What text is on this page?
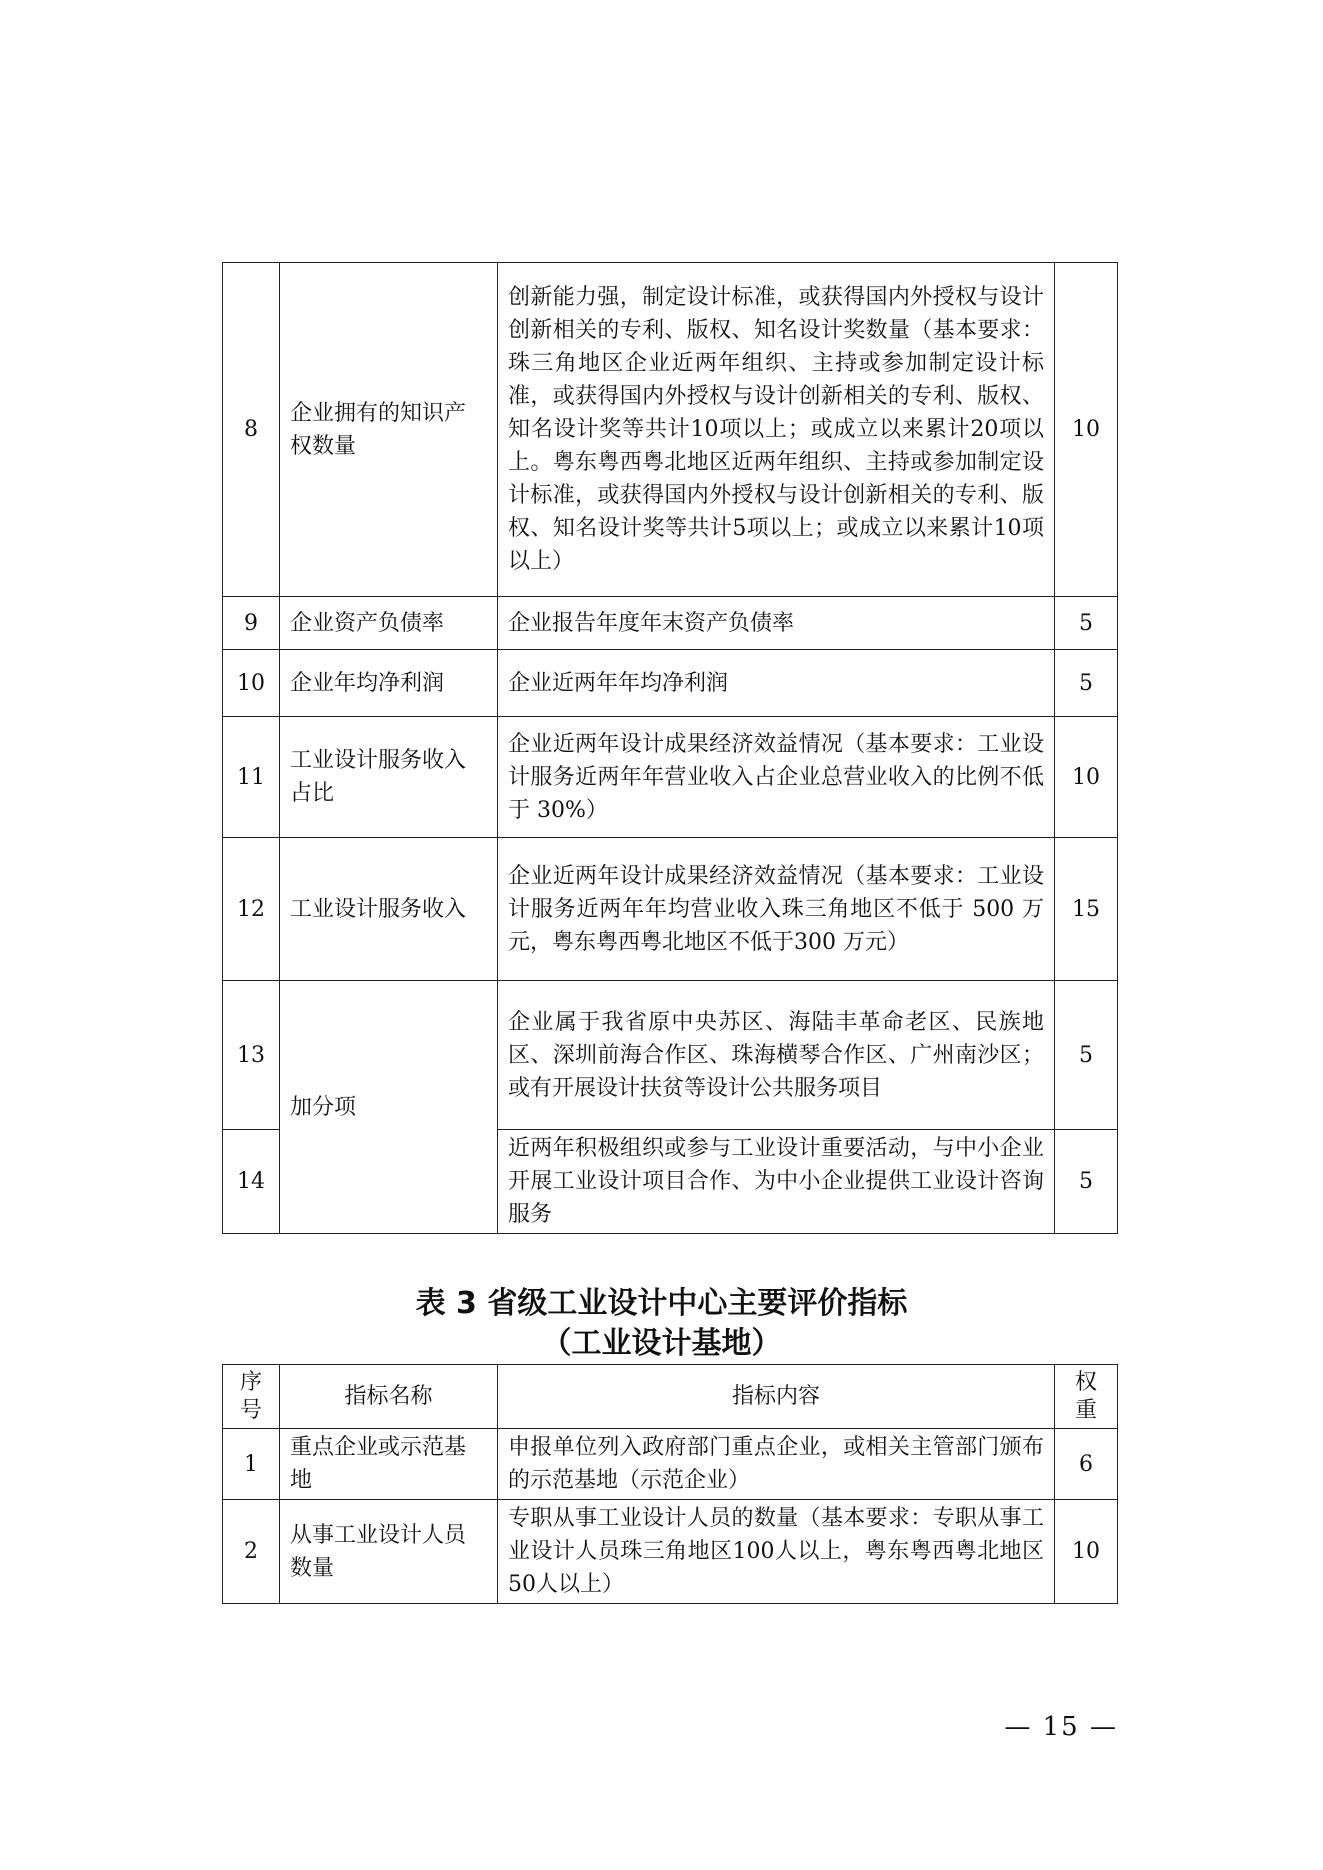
8	企业拥有的知识产权数量	创新能力强，制定设计标准，或获得国内外授权与设计创新相关的专利、版权、知名设计奖数量（基本要求：珠三角地区企业近两年组织、主持或参加制定设计标准，或获得国内外授权与设计创新相关的专利、版权、知名设计奖等共计10项以上；或成立以来累计20项以上。粤东粤西粤北地区近两年组织、主持或参加制定设计标准，或获得国内外授权与设计创新相关的专利、版权、知名设计奖等共计5项以上；或成立以来累计10项以上）	10
9	企业资产负债率	企业报告年度年末资产负债率	5
10	企业年均净利润	企业近两年年均净利润	5
11	工业设计服务收入占比	企业近两年设计成果经济效益情况（基本要求：工业设计服务近两年年营业收入占企业总营业收入的比例不低于 30%）	10
12	工业设计服务收入	企业近两年设计成果经济效益情况（基本要求：工业设计服务近两年年均营业收入珠三角地区不低于 500 万元，粤东粤西粤北地区不低于300 万元）	15
13	加分项	企业属于我省原中央苏区、海陆丰革命老区、民族地区、深圳前海合作区、珠海横琴合作区、广州南沙区；或有开展设计扶贫等设计公共服务项目	5
14		近两年积极组织或参与工业设计重要活动，与中小企业开展工业设计项目合作、为中小企业提供工业设计咨询服务	5
表 3 省级工业设计中心主要评价指标
（工业设计基地）
序号	指标名称	指标内容	权重
1	重点企业或示范基地	申报单位列入政府部门重点企业，或相关主管部门颁布的示范基地（示范企业）	6
2	从事工业设计人员数量	专职从事工业设计人员的数量（基本要求：专职从事工业设计人员珠三角地区100人以上，粤东粤西粤北地区50人以上）	10
— 15 —
